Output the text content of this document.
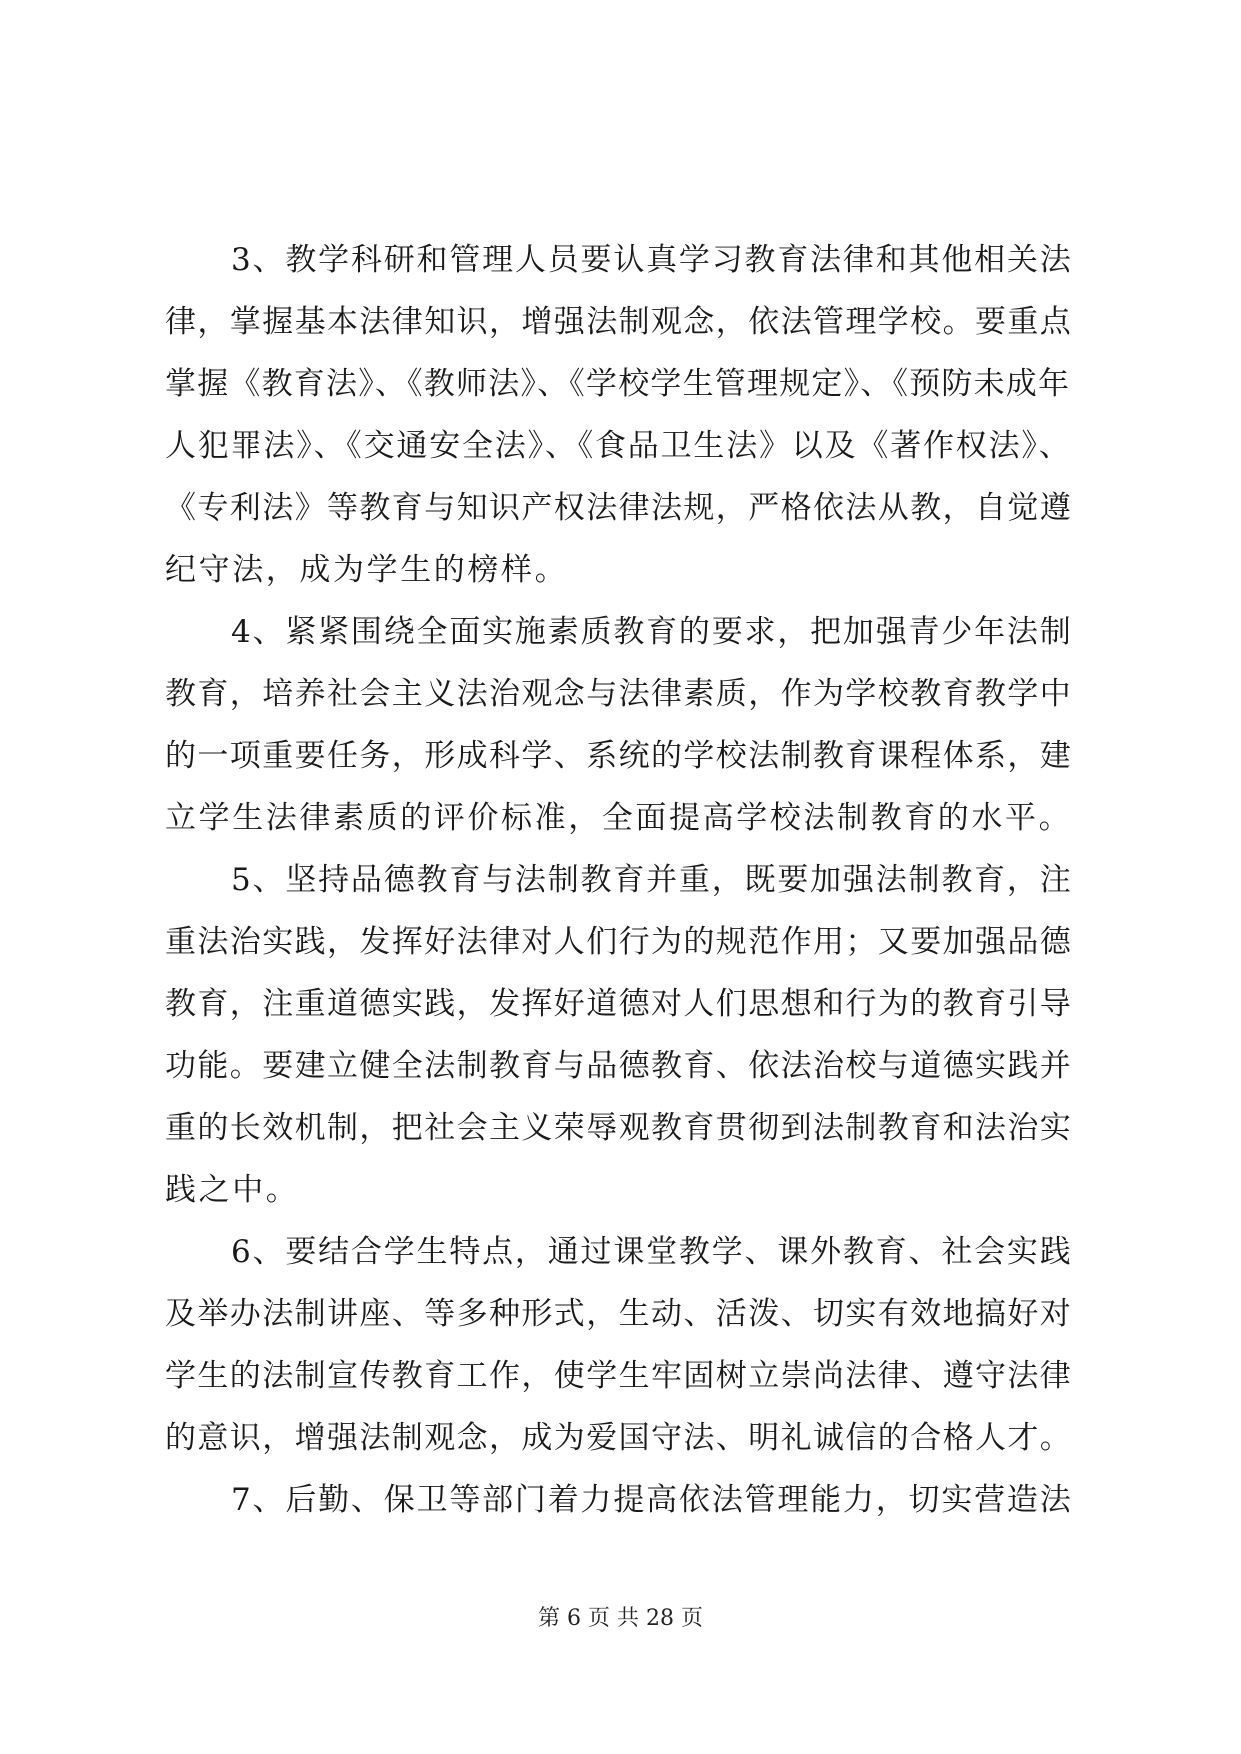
3、教学科研和管理人员要认真学习教育法律和其他相关法
律，掌握基本法律知识，增强法制观念，依法管理学校。要重点
掌握《教育法》、《教师法》、《学校学生管理规定》、《预防未成年
人犯罪法》、《交通安全法》、《食品卫生法》以及《著作权法》、
《专利法》等教育与知识产权法律法规，严格依法从教，自觉遵
纪守法，成为学生的榜样。
4、紧紧围绕全面实施素质教育的要求，把加强青少年法制
教育，培养社会主义法治观念与法律素质，作为学校教育教学中
的一项重要任务，形成科学、系统的学校法制教育课程体系，建
立学生法律素质的评价标准，全面提高学校法制教育的水平。
5、坚持品德教育与法制教育并重，既要加强法制教育，注
重法治实践，发挥好法律对人们行为的规范作用；又要加强品德
教育，注重道德实践，发挥好道德对人们思想和行为的教育引导
功能。要建立健全法制教育与品德教育、依法治校与道德实践并
重的长效机制，把社会主义荣辱观教育贯彻到法制教育和法治实
践之中。
6、要结合学生特点，通过课堂教学、课外教育、社会实践
及举办法制讲座、等多种形式，生动、活泼、切实有效地搞好对
学生的法制宣传教育工作，使学生牢固树立崇尚法律、遵守法律
的意识，增强法制观念，成为爱国守法、明礼诚信的合格人才。
7、后勤、保卫等部门着力提高依法管理能力，切实营造法
第 6 页 共 28 页
